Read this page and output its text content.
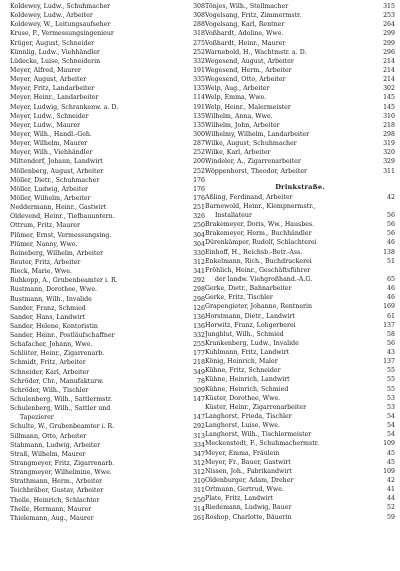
Koldewey, Ludw., Schuhmacher	308
Koldewey, Ludw., Arbeiter	308
Koldewey, W., Leitungsaufseher	288
Kruse, P., Vermessungsingenieur	318
Krüger, August, Schneider	275
Künnlig, Ludw., Viehhändler	252
Lüdecke, Luise, Schneiderin	332
Meyer, Alfred, Maurer	191
Meyer, August, Arbeiter	335
Meyer, Fritz, Landarbeiter	135
Meyer, Heinr., Landarbeiter	114
Meyer, Ludwig, Schrankenw. a. D.	191
Meyer, Ludw., Schneider	135
Meyer, Ludw., Maurer	135
Meyer, Wilh., Handl.-Geh.	300
Meyer, Wilhelm, Maurer	287
Meyer, Wilh., Viehhändler	252
Mittendorf, Johann, Landwirt	200
Möllenberg, August, Arbeiter	252
Möller, Dietr., Schuhmacher	176
Möller, Ludwig, Arbeiter	176
Möller, Wilhelm, Arbeiter	176
Neddermann, Heinr., Gastwirt	251
Oldevend, Heinr., Tiefbauuntern.	326
Ottrum, Fritz, Maurer	250
Plümer, Ernst, Vermessungsing.	304
Plümer, Nanny, Wwe.	304
Reineberg, Wilhelm, Arbeiter	330
Reuter, Fritz, Arbeiter	312
Rieck, Marie, Wwe.	341
Ruhkopp, A., Grubenbeamter i. R.	292
Rustmann, Dorothee, Wwe.	298
Rustmann, Wilh., Invalide	298
Sander, Franz, Schmied	126
Sander, Hans, Landwirt	136
Sander, Helene, Kontoristin	136
Sander, Heinr., Postläufschaffner	332
Schafacher, Johann, Wwe.	255
Schlüter, Heinr., Zigarrenarb.	177
Schmidt, Fritz, Arbeiter	218
Schneider, Karl, Arbeiter	349
Schröder, Chr., Manufakturw.	78
Schröder, Wilh., Tischler	309
Schulenberg, Wilh., Sattlermstr.	147
Schulenberg, Wilh., Sattler und
Tapezierer	147
Schulte, W., Grubenbeamter i. R.	292
Sillmann, Otto, Arbeiter	313
Stahmann, Ludwig, Arbeiter	334
Straß, Wilhelm, Maurer	347
Strangmeyer, Fritz, Zigarrenarb.	312
Strangmeyer, Wilhelmine, Wwe.	312
Strathmann, Herm., Arbeiter	310
Teichbräber, Gustav, Arbeiter	311
Thelle, Heinrich, Schlachter	250
Thelle, Hermann, Maurer	314
Thielemann, Aug., Maurer	261
Tönjes, Wilh., Stellmacher	315
Vogelsang, Fritz, Zimmermstr.	253
Vogelsang, Karl, Rentner	264
Voßhardt, Adeline, Wwe.	299
Voßhardt, Heinr., Maurer	299
Warnebold, H., Wachtmstr. a. D.	296
Wegesend, August, Arbeiter	214
Wegesend, Herm., Arbeiter	214
Wegesend, Otto, Arbeiter	214
Welp, Aug., Arbeiter	302
Welp, Emma, Wwe.	145
Welp, Heinr., Malermeister	145
Wilhelm, Anna, Wwe.	310
Wilhelm, John, Arbeiter	218
Wilhelmy, Wilhelm, Landarbeiter	298
Wilke, August, Schuhmacher	319
Wilke, Karl, Arbeiter	320
Windeler, A., Zigarrenarbeiter	329
Wöppenhorst, Theodor, Arbeiter	311
Drinkstraße.
Aßling, Ferdinand, Arbeiter	42
Barnewold, Heinr., Klempnermstr.,
Installateur	56
Brakemeyer, Doris, Ww., Hausbes.	56
Brakemeyer, Herm., Buchhändler	56
Dürenkämper, Rudolf, Schlachterei	46
Einhoff, H., Reichsb.-Betr.-Ass.	138
Enkelmann, Rich., Buchdruckerei	51
Fröhlich, Heinr., Geschäftsführer
der landw. Viehgroßhand.-A.G.	65
Gerke, Dietr., Bahnarbeiter	46
Gerke, Fritz, Tischler	46
Grapengieter, Johanne, Rentnerin	169
Horstmann, Dietr., Landwirt	61
Horwitz, Franz, Lohgerberei	137
Jungblut, Wilh., Schmied	58
Krankenberg, Ludw., Invalide	56
Kuhlmann, Fritz, Landwirt	43
König, Heinrich, Maler	137
Kühne, Fritz, Schneider	55
Kühne, Heinrich, Landwirt	55
Kühne, Heinrich, Schmied	55
Küster, Dorothee, Wwe.	53
Küster, Heinr., Zigarrenarbeiter	53
Langhorst, Frieda, Tischler	54
Langhorst, Luise, Wwe.	54
Langhorst, Wilh., Tischlermeister	54
Meckenstedt, F., Schuhmachermstr.	109
Meyer, Emma, Fräulein	45
Meyer, Fr., Bauer, Gastwirt	45
Nissen, Joh., Fabrikandwirt	109
Oldenburger, Adam, Dreher	42
Ortmann, Gertrud, Wwe.	41
Plate, Fritz, Landwirt	44
Riedemann, Ludwig, Bauer	52
Roshop, Charlotte, Bäuerin	59
